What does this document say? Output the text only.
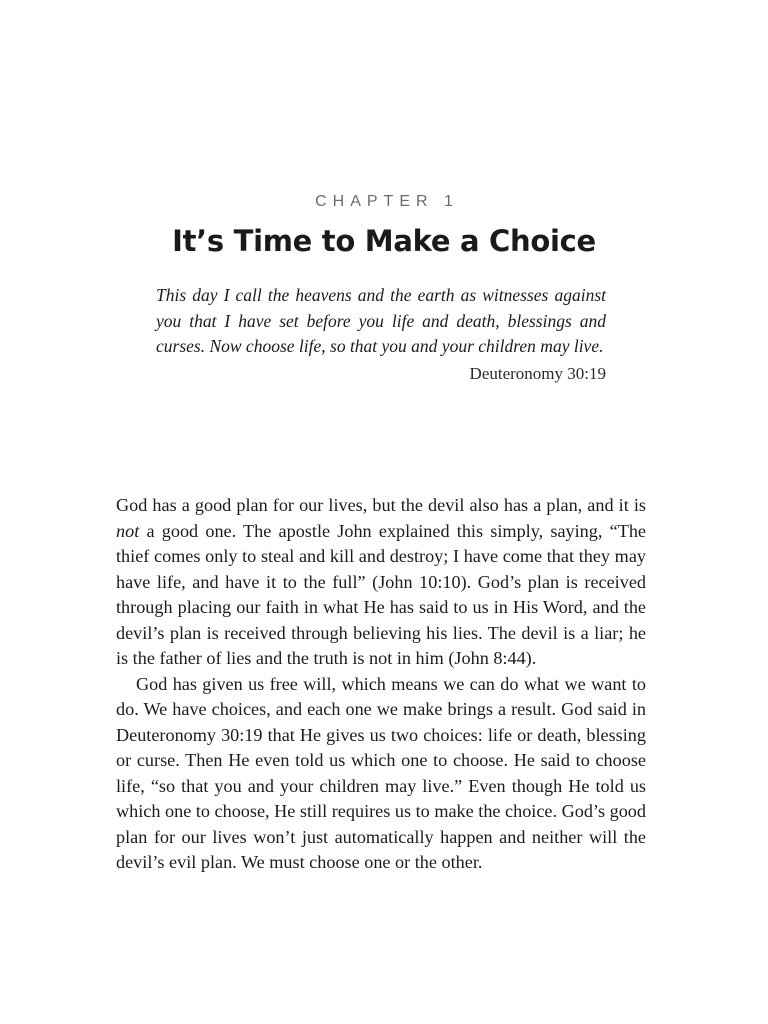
CHAPTER 1
It’s Time to Make a Choice

This day I call the heavens and the earth as witnesses against you that I have set before you life and death, blessings and curses. Now choose life, so that you and your children may live.

Deuteronomy 30:19

God has a good plan for our lives, but the devil also has a plan, and it is not a good one. The apostle John explained this simply, saying, “The thief comes only to steal and kill and destroy; I have come that they may have life, and have it to the full” (John 10:10). God’s plan is received through placing our faith in what He has said to us in His Word, and the devil’s plan is received through believing his lies. The devil is a liar; he is the father of lies and the truth is not in him (John 8:44).

God has given us free will, which means we can do what we want to do. We have choices, and each one we make brings a result. God said in Deuteronomy 30:19 that He gives us two choices: life or death, blessing or curse. Then He even told us which one to choose. He said to choose life, “so that you and your children may live.” Even though He told us which one to choose, He still requires us to make the choice. God’s good plan for our lives won’t just automatically happen and neither will the devil’s evil plan. We must choose one or the other.
